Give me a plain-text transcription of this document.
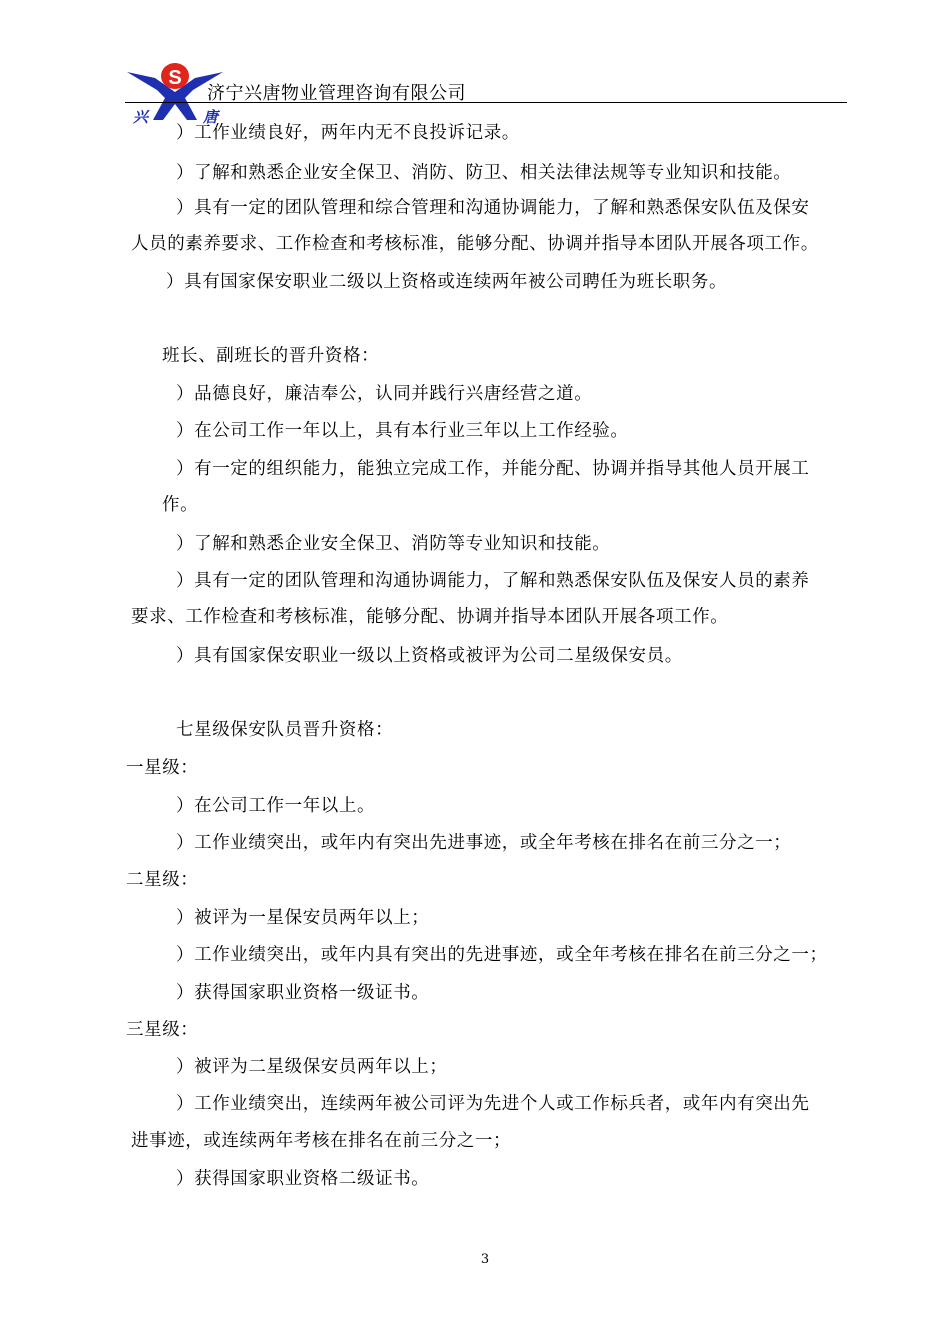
S
兴	唐
济宁兴唐物业管理咨询有限公司
）工作业绩良好，两年内无不良投诉记录。
）了解和熟悉企业安全保卫、消防、防卫、相关法律法规等专业知识和技能。
）具有一定的团队管理和综合管理和沟通协调能力，了解和熟悉保安队伍及保安
人员的素养要求、工作检查和考核标准，能够分配、协调并指导本团队开展各项工作。
）具有国家保安职业二级以上资格或连续两年被公司聘任为班长职务。
班长、副班长的晋升资格：
）品德良好，廉洁奉公，认同并践行兴唐经营之道。
）在公司工作一年以上，具有本行业三年以上工作经验。
）有一定的组织能力，能独立完成工作，并能分配、协调并指导其他人员开展工
作。
）了解和熟悉企业安全保卫、消防等专业知识和技能。
）具有一定的团队管理和沟通协调能力，了解和熟悉保安队伍及保安人员的素养
要求、工作检查和考核标准，能够分配、协调并指导本团队开展各项工作。
）具有国家保安职业一级以上资格或被评为公司二星级保安员。
七星级保安队员晋升资格：
一星级：
）在公司工作一年以上。
）工作业绩突出，或年内有突出先进事迹，或全年考核在排名在前三分之一；
二星级：
）被评为一星保安员两年以上；
）工作业绩突出，或年内具有突出的先进事迹，或全年考核在排名在前三分之一；
）获得国家职业资格一级证书。
三星级：
）被评为二星级保安员两年以上；
）工作业绩突出，连续两年被公司评为先进个人或工作标兵者，或年内有突出先
进事迹，或连续两年考核在排名在前三分之一；
）获得国家职业资格二级证书。
3
